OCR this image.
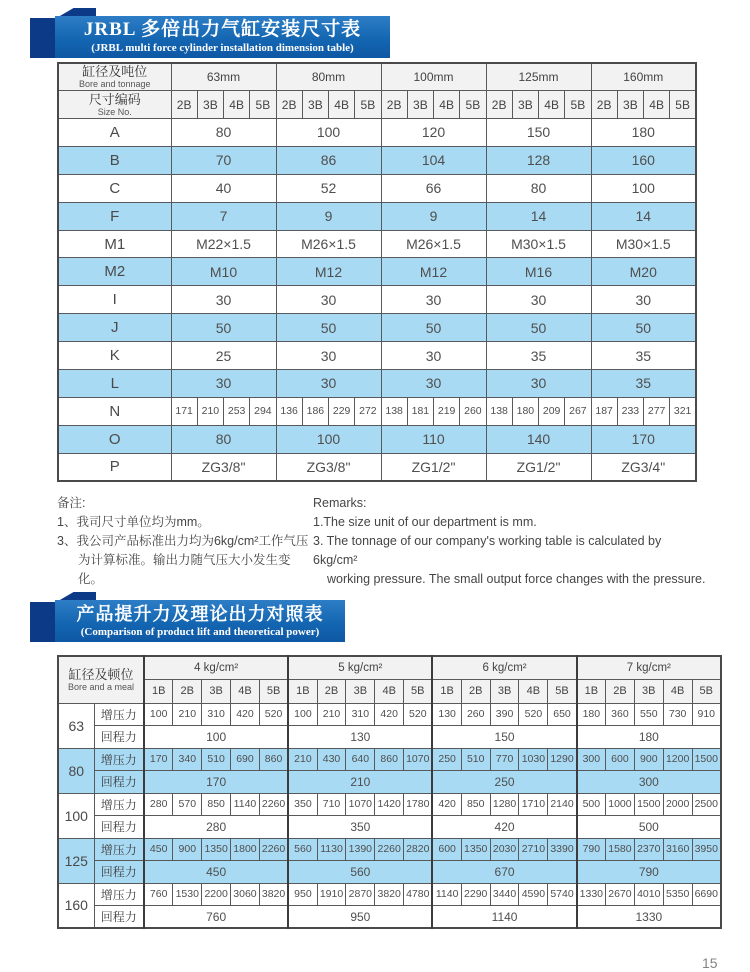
JRBL 多倍出力气缸安装尺寸表
(JRBL multi force cylinder installation dimension table)
缸径及吨位
Bore and tonnage	63mm				80mm				100mm				125mm				160mm			

尺寸编码
Size No.	2B	3B	4B	5B	2B	3B	4B	5B	2B	3B	4B	5B	2B	3B	4B	5B	2B	3B	4B	5B
A	80				100				120				150				180			
B	70				86				104				128				160			
C	40				52				66				80				100			
F	7				9				9				14				14			
M1	M22×1.5				M26×1.5				M26×1.5				M30×1.5				M30×1.5			
M2	M10				M12				M12				M16				M20			
I	30				30				30				30				30			
J	50				50				50				50				50			
K	25				30				30				35				35			
L	30				30				30				30				35			
N	171	210	253	294	136	186	229	272	138	181	219	260	138	180	209	267	187	233	277	321
O	80				100				110				140				170			
P	ZG3/8"				ZG3/8"				ZG1/2"				ZG1/2"				ZG3/4"			
备注:
1、我司尺寸单位均为mm。
3、我公司产品标准出力均为6kg/cm²工作气压
为计算标准。输出力随气压大小发生变化。
Remarks:
1.The size unit of our department is mm.
3. The tonnage of our company's working table is calculated by 6kg/cm²
working pressure. The small output force changes with the pressure.
产品提升力及理论出力对照表
(Comparison of product lift and theoretical power)
缸径及顿位
Bore and a meal		4 kg/cm²					5 kg/cm²					6 kg/cm²					7 kg/cm²				
		1B	2B	3B	4B	5B	1B	2B	3B	4B	5B	1B	2B	3B	4B	5B	1B	2B	3B	4B	5B
63	增压力	100	210	310	420	520	100	210	310	420	520	130	260	390	520	650	180	360	550	730	910
	回程力	100					130					150					180				
80	增压力	170	340	510	690	860	210	430	640	860	1070	250	510	770	1030	1290	300	600	900	1200	1500
	回程力	170					210					250					300				
100	增压力	280	570	850	1140	2260	350	710	1070	1420	1780	420	850	1280	1710	2140	500	1000	1500	2000	2500
	回程力	280					350					420					500				
125	增压力	450	900	1350	1800	2260	560	1130	1390	2260	2820	600	1350	2030	2710	3390	790	1580	2370	3160	3950
	回程力	450					560					670					790				
160	增压力	760	1530	2200	3060	3820	950	1910	2870	3820	4780	1140	2290	3440	4590	5740	1330	2670	4010	5350	6690
	回程力	760					950					1140					1330				
15
